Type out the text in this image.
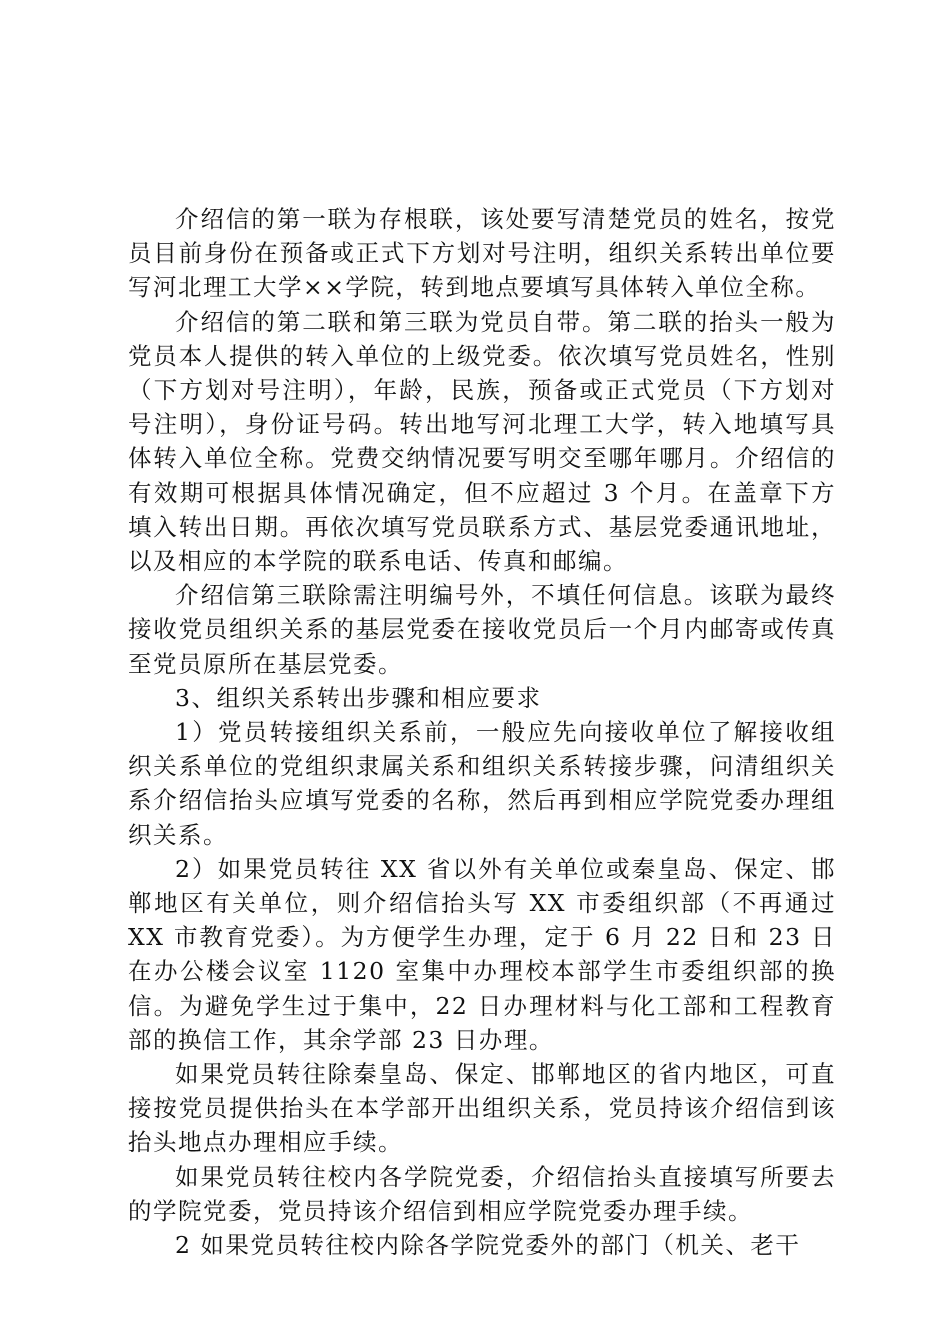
介绍信的第一联为存根联，该处要写清楚党员的姓名，按党员目前身份在预备或正式下方划对号注明，组织关系转出单位要写河北理工大学××学院，转到地点要填写具体转入单位全称。

介绍信的第二联和第三联为党员自带。第二联的抬头一般为党员本人提供的转入单位的上级党委。依次填写党员姓名，性别（下方划对号注明），年龄，民族，预备或正式党员（下方划对号注明），身份证号码。转出地写河北理工大学，转入地填写具体转入单位全称。党费交纳情况要写明交至哪年哪月。介绍信的有效期可根据具体情况确定，但不应超过 3 个月。在盖章下方填入转出日期。再依次填写党员联系方式、基层党委通讯地址，以及相应的本学院的联系电话、传真和邮编。

介绍信第三联除需注明编号外，不填任何信息。该联为最终接收党员组织关系的基层党委在接收党员后一个月内邮寄或传真至党员原所在基层党委。

3、组织关系转出步骤和相应要求

1）党员转接组织关系前，一般应先向接收单位了解接收组织关系单位的党组织隶属关系和组织关系转接步骤，问清组织关系介绍信抬头应填写党委的名称，然后再到相应学院党委办理组织关系。

2）如果党员转往 XX 省以外有关单位或秦皇岛、保定、邯郸地区有关单位，则介绍信抬头写 XX 市委组织部（不再通过 XX 市教育党委）。为方便学生办理，定于 6 月 22 日和 23 日在办公楼会议室 1120 室集中办理校本部学生市委组织部的换信。为避免学生过于集中，22 日办理材料与化工部和工程教育部的换信工作，其余学部 23 日办理。

如果党员转往除秦皇岛、保定、邯郸地区的省内地区，可直接按党员提供抬头在本学部开出组织关系，党员持该介绍信到该抬头地点办理相应手续。

如果党员转往校内各学院党委，介绍信抬头直接填写所要去的学院党委，党员持该介绍信到相应学院党委办理手续。

2 如果党员转往校内除各学院党委外的部门（机关、老干
